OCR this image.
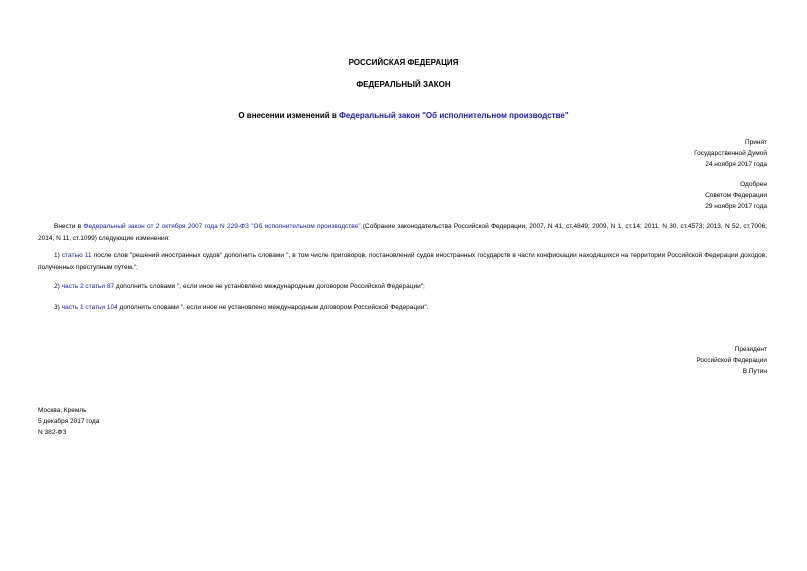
РОССИЙСКАЯ ФЕДЕРАЦИЯ
ФЕДЕРАЛЬНЫЙ ЗАКОН
О внесении изменений в Федеральный закон "Об исполнительном производстве"
Принят
Государственной Думой
24 ноября 2017 года
Одобрен
Советом Федерации
29 ноября 2017 года
Внести в Федеральный закон от 2 октября 2007 года N 229-ФЗ "Об исполнительном производстве" (Собрание законодательства Российской Федерации, 2007, N 41, ст.4849; 2009, N 1, ст.14; 2011, N 30, ст.4573; 2013, N 52, ст.7006; 2014, N 11, ст.1099) следующие изменения:
1) статью 11 после слов "решений иностранных судов" дополнить словами ", в том числе приговоров, постановлений судов иностранных государств в части конфискации находящихся на территории Российской Федерации доходов, полученных преступным путем,";
2) часть 2 статьи 87 дополнить словами ", если иное не установлено международным договором Российской Федерации";
3) часть 1 статьи 104 дополнить словами ", если иное не установлено международным договором Российской Федерации".
Президент
Российской Федерации
В.Путин
Москва, Кремль
5 декабря 2017 года
N 382-ФЗ
